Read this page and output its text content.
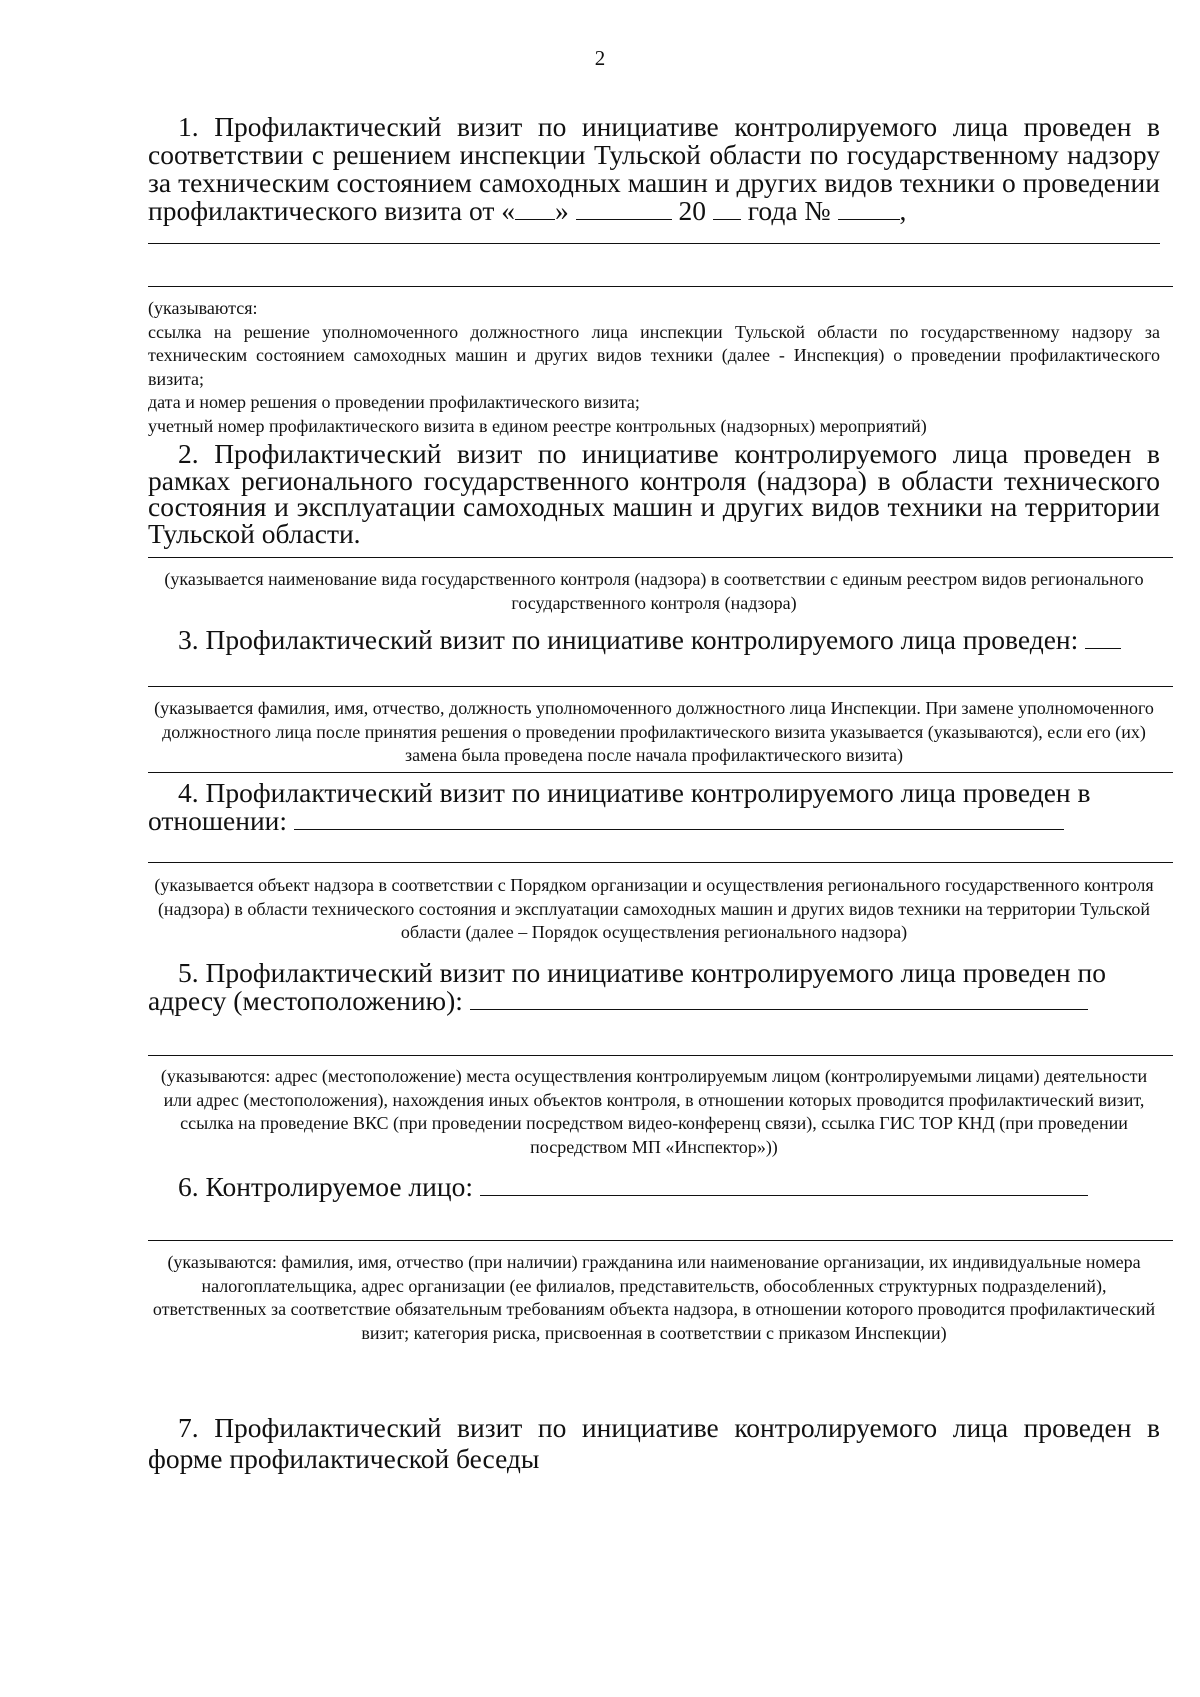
2
1. Профилактический визит по инициативе контролируемого лица проведен в соответствии с решением инспекции Тульской области по государственному надзору за техническим состоянием самоходных машин и других видов техники о проведении профилактического визита от « »	20 года №	,
(указываются:
ссылка на решение уполномоченного должностного лица инспекции Тульской области по государственному надзору за техническим состоянием самоходных машин и других видов техники (далее - Инспекция) о проведении профилактического визита;
дата и номер решения о проведении профилактического визита;
учетный номер профилактического визита в едином реестре контрольных (надзорных) мероприятий)
2. Профилактический визит по инициативе контролируемого лица проведен в рамках регионального государственного контроля (надзора) в области технического состояния и эксплуатации самоходных машин и других видов техники на территории Тульской области.
(указывается наименование вида государственного контроля (надзора) в соответствии с единым реестром видов регионального государственного контроля (надзора)
3. Профилактический визит по инициативе контролируемого лица проведен:
(указывается фамилия, имя, отчество, должность уполномоченного должностного лица Инспекции. При замене уполномоченного должностного лица после принятия решения о проведении профилактического визита указывается (указываются), если его (их) замена была проведена после начала профилактического визита)
4. Профилактический визит по инициативе контролируемого лица проведен в
отношении:
(указывается объект надзора в соответствии с Порядком организации и осуществления регионального государственного контроля (надзора) в области технического состояния и эксплуатации самоходных машин и других видов техники на территории Тульской области (далее – Порядок осуществления регионального надзора)
5. Профилактический визит по инициативе контролируемого лица проведен по
адресу (местоположению):
(указываются: адрес (местоположение) места осуществления контролируемым лицом (контролируемыми лицами) деятельности или адрес (местоположения), нахождения иных объектов контроля, в отношении которых проводится профилактический визит, ссылка на проведение ВКС (при проведении посредством видео-конференц связи), ссылка ГИС ТОР КНД (при проведении посредством МП «Инспектор»))
6. Контролируемое лицо:
(указываются: фамилия, имя, отчество (при наличии) гражданина или наименование организации, их индивидуальные номера налогоплательщика, адрес организации (ее филиалов, представительств, обособленных структурных подразделений), ответственных за соответствие обязательным требованиям объекта надзора, в отношении которого проводится профилактический визит; категория риска, присвоенная в соответствии с приказом Инспекции)
7. Профилактический визит по инициативе контролируемого лица проведен в форме профилактической беседы
